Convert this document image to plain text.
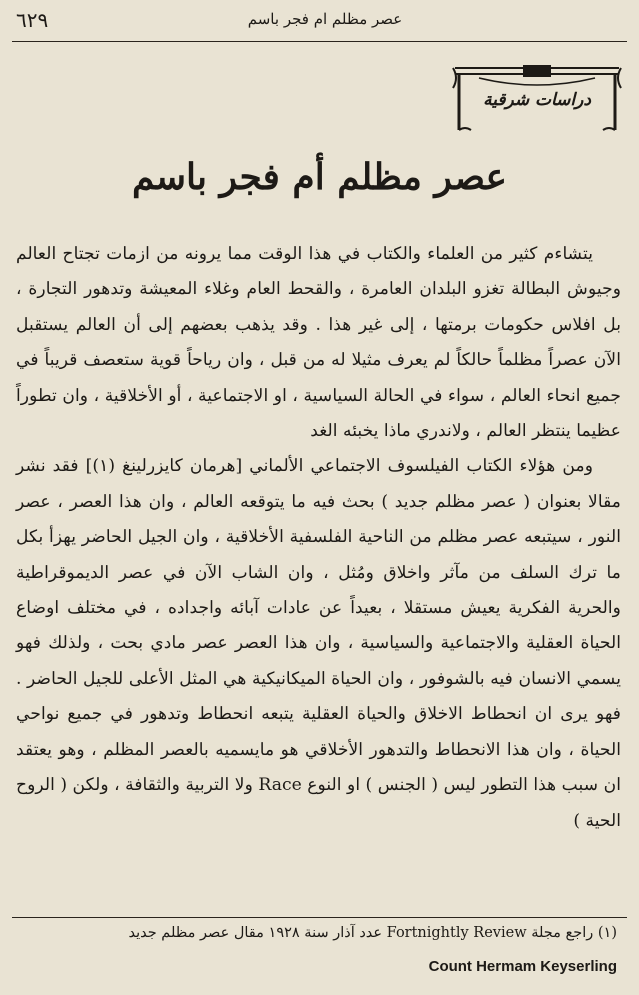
٦٢٩	عصر مظلم ام فجر باسم
دراسات شرقية
عصر مظلم أم فجر باسم

يتشاءم كثير من العلماء والكتاب في هذا الوقت مما يرونه من ازمات تجتاح العالم وجيوش البطالة تغزو البلدان العامرة ، والقحط العام وغلاء المعيشة وتدهور التجارة ، بل افلاس حكومات برمتها ، إلى غير هذا . وقد يذهب بعضهم إلى أن العالم يستقبل الآن عصراً مظلماً حالكاً لم يعرف مثيلا له من قبل ، وان رياحاً قوية ستعصف قريباً في جميع انحاء العالم ، سواء في الحالة السياسية ، او الاجتماعية ، أو الأخلاقية ، وان تطوراً عظيما ينتظر العالم ، ولاندري ماذا يخبئه الغد

ومن هؤلاء الكتاب الفيلسوف الاجتماعي الألماني [هرمان كايزرلينغ (١)] فقد نشر مقالا بعنوان ( عصر مظلم جديد ) بحث فيه ما يتوقعه العالم ، وان هذا العصر ، عصر النور ، سيتبعه عصر مظلم من الناحية الفلسفية الأخلاقية ، وان الجيل الحاضر يهزأ بكل ما ترك السلف من مآثر واخلاق ومُثل ، وان الشاب الآن في عصر الديموقراطية والحرية الفكرية يعيش مستقلا ، بعيداً عن عادات آبائه واجداده ، في مختلف اوضاع الحياة العقلية والاجتماعية والسياسية ، وان هذا العصر عصر مادي بحت ، ولذلك فهو يسمي الانسان فيه بالشوفور ، وان الحياة الميكانيكية هي المثل الأعلى للجيل الحاضر . فهو يرى ان انحطاط الاخلاق والحياة العقلية يتبعه انحطاط وتدهور في جميع نواحي الحياة ، وان هذا الانحطاط والتدهور الأخلاقي هو مايسميه بالعصر المظلم ، وهو يعتقد ان سبب هذا التطور ليس ( الجنس ) او النوع Race ولا التربية والثقافة ، ولكن ( الروح الحية )

(١) راجع مجلة Fortnightly Review عدد آذار سنة ١٩٢٨ مقال عصر مظلم جديد
Count Hermam Keyserling
